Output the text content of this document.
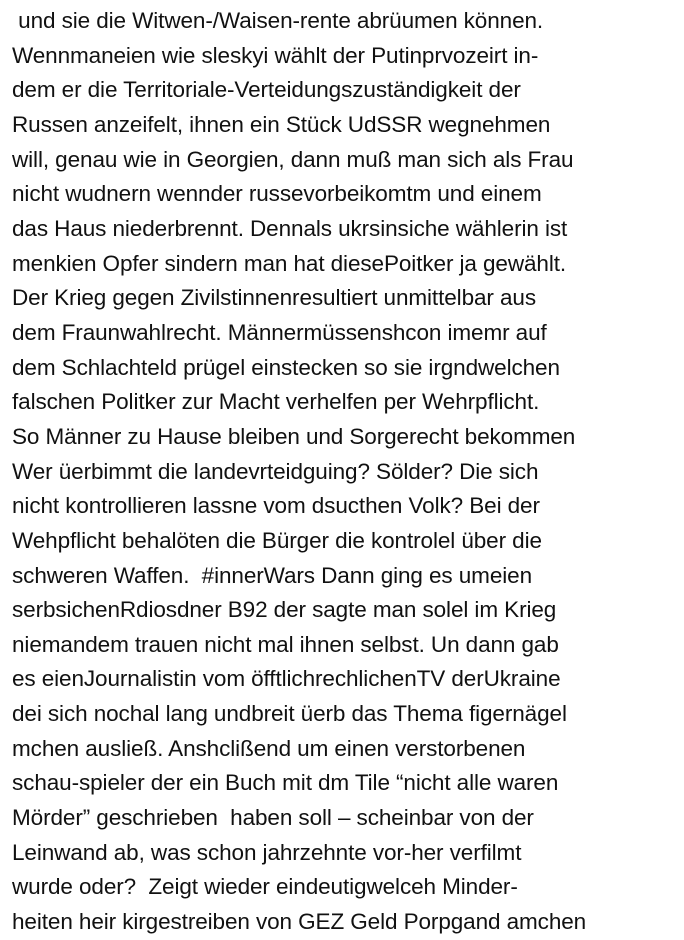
und sie die Witwen-/Waisen-rente abrüumen können.
Wennmaneien wie sleskyi wählt der Putinprvozeirt in-
dem er die Territoriale-Verteidungszuständigkeit der
Russen anzeifelt, ihnen ein Stück UdSSR wegnehmen
will, genau wie in Georgien, dann muß man sich als Frau
nicht wudnern wennder russevorbeikomtm und einem
das Haus niederbrennt. Dennals ukrsinsiche wählerin ist
menkien Opfer sindern man hat diesePoitker ja gewählt.
Der Krieg gegen Zivilstinnenresultiert unmittelbar aus
dem Fraunwahlrecht. Männermüssenshcon imemr auf
dem Schlachteld prügel einstecken so sie irgndwelchen
falschen Politker zur Macht verhelfen per Wehrpflicht.
So Männer zu Hause bleiben und Sorgerecht bekommen
Wer üerbimmt die landevrteidguing? Sölder? Die sich
nicht kontrollieren lassne vom dsucthen Volk? Bei der
Wehpflicht behalöten die Bürger die kontrolel über die
schweren Waffen.  #innerWars Dann ging es umeien
serbsichenRdiosdner B92 der sagte man solel im Krieg
niemandem trauen nicht mal ihnen selbst. Un dann gab
es eienJournalistin vom öfftlichrechlichenTV derUkraine
dei sich nochal lang undbreit üerb das Thema figernägel
mchen ausließ. Anshclißend um einen verstorbenen
schau-spieler der ein Buch mit dm Tile “nicht alle waren
Mörder” geschrieben  haben soll – scheinbar von der
Leinwand ab, was schon jahrzehnte vor-her verfilmt
wurde oder?  Zeigt wieder eindeutigwelceh Minder-
heiten heir kirgestreiben von GEZ Geld Porpgand amchen
